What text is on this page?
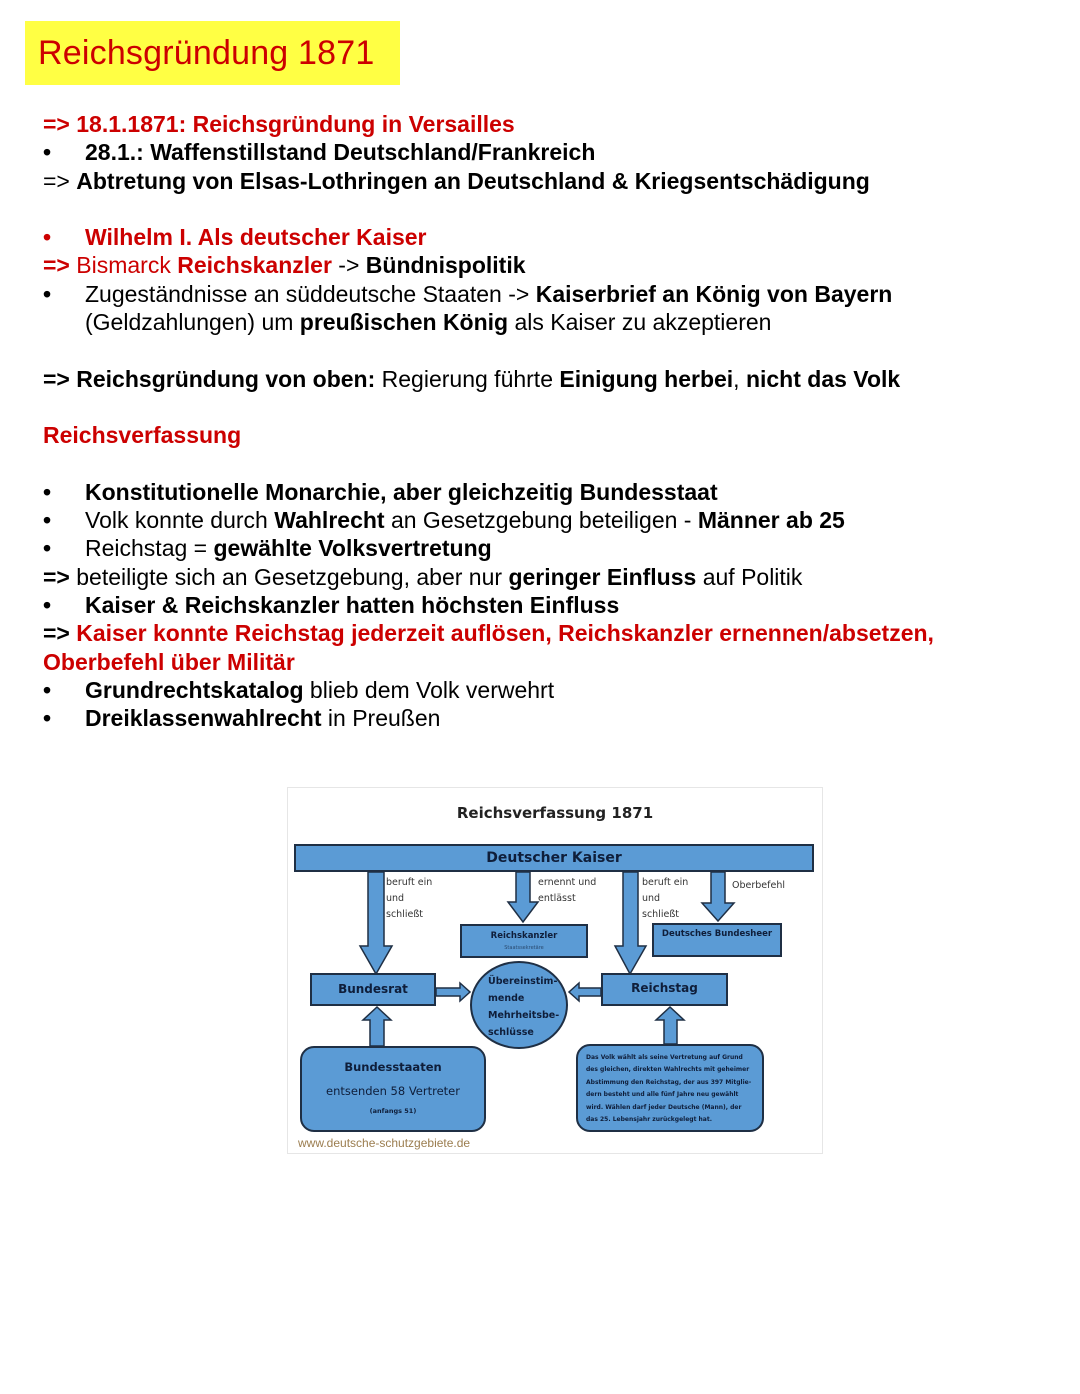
Reichsgründung 1871
=> 18.1.1871: Reichsgründung in Versailles
• 28.1.: Waffenstillstand Deutschland/Frankreich
=> Abtretung von Elsas-Lothringen an Deutschland & Kriegsentschädigung
• Wilhelm I. Als deutscher Kaiser
=> Bismarck Reichskanzler -> Bündnispolitik
• Zugeständnisse an süddeutsche Staaten -> Kaiserbrief an König von Bayern
(Geldzahlungen) um preußischen König als Kaiser zu akzeptieren
=> Reichsgründung von oben: Regierung führte Einigung herbei, nicht das Volk
Reichsverfassung
• Konstitutionelle Monarchie, aber gleichzeitig Bundesstaat
• Volk konnte durch Wahlrecht an Gesetzgebung beteiligen - Männer ab 25
• Reichstag = gewählte Volksvertretung
=> beteiligte sich an Gesetzgebung, aber nur geringer Einfluss auf Politik
• Kaiser & Reichskanzler hatten höchsten Einfluss
=> Kaiser konnte Reichstag jederzeit auflösen, Reichskanzler ernennen/absetzen, Oberbefehl über Militär
• Grundrechtskatalog blieb dem Volk verwehrt
• Dreiklassenwahlrecht in Preußen
Reichsverfassung 1871
Deutscher Kaiser
beruft ein
und
schließt
ernennt und
entlässt
beruft ein
und
schließt
Oberbefehl
Reichskanzler
Staatssekretäre
Deutsches Bundesheer
Bundesrat	Reichstag
Übereinstim-
mende
Mehrheitsbe-
schlüsse
Bundesstaaten
entsenden 58 Vertreter
(anfangs 51)
Das Volk wählt als seine Vertretung auf Grund des gleichen, direkten Wahlrechts mit geheimer Abstimmung den Reichstag, der aus 397 Mitglie-dern besteht und alle fünf Jahre neu gewählt wird. Wählen darf jeder Deutsche (Mann), der das 25. Lebensjahr zurückgelegt hat.
www.deutsche-schutzgebiete.de
